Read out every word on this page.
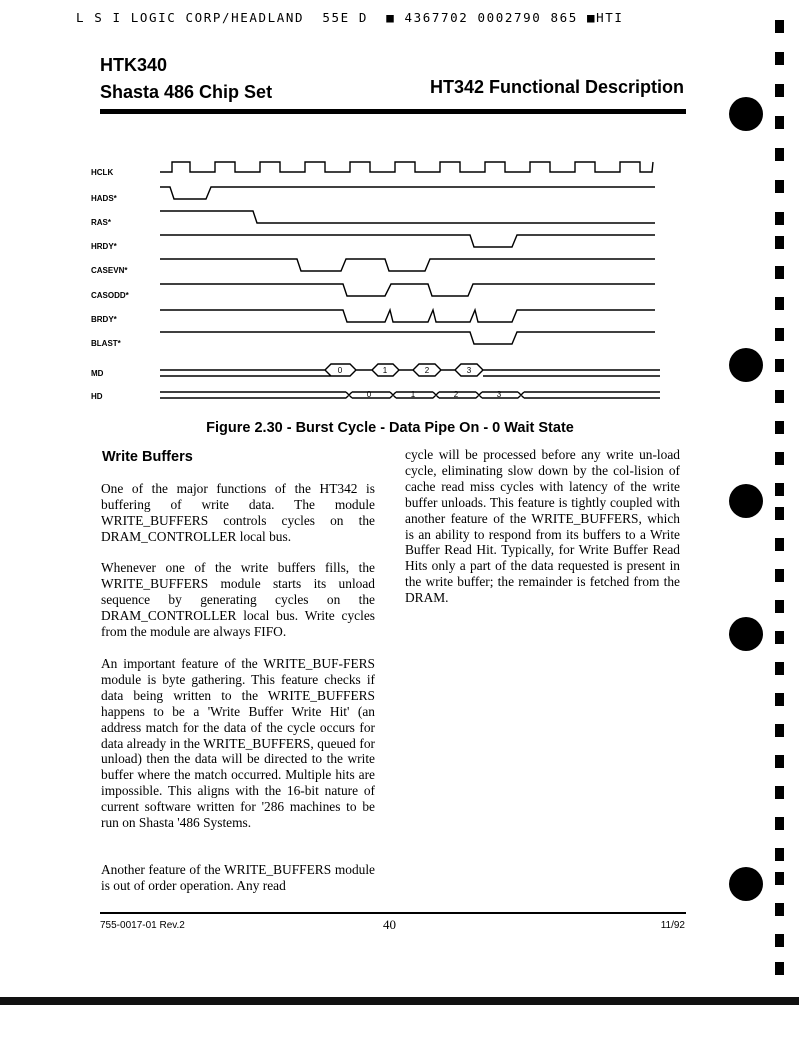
L S I LOGIC CORP/HEADLAND  55E D  ■ 4367702 0002790 865 ■HTI
HTK340
Shasta 486 Chip Set	HT342 Functional Description
HCLK
HADS*
RAS*
HRDY*
CASEVN*
CASODD*
BRDY*
BLAST*
MD
HD
0	1	2	3
0	1	2	3
Figure 2.30 - Burst Cycle - Data Pipe On - 0 Wait State
Write Buffers

One of the major functions of the HT342 is buffering of write data. The module WRITE_BUFFERS controls cycles on the DRAM_CONTROLLER local bus.

Whenever one of the write buffers fills, the WRITE_BUFFERS module starts its unload sequence by generating cycles on the DRAM_CONTROLLER local bus. Write cycles from the module are always FIFO.

An important feature of the WRITE_BUF-FERS module is byte gathering. This feature checks if data being written to the WRITE_BUFFERS happens to be a 'Write Buffer Write Hit' (an address match for the data of the cycle occurs for data already in the WRITE_BUFFERS, queued for unload) then the data will be directed to the write buffer where the match occurred. Multiple hits are impossible. This aligns with the 16-bit nature of current software written for '286 machines to be run on Shasta '486 Systems.

Another feature of the WRITE_BUFFERS module is out of order operation. Any read

cycle will be processed before any write un-load cycle, eliminating slow down by the col-lision of cache read miss cycles with latency of the write buffer unloads. This feature is tightly coupled with another feature of the WRITE_BUFFERS, which is an ability to respond from its buffers to a Write Buffer Read Hit. Typically, for Write Buffer Read Hits only a part of the data requested is present in the write buffer; the remainder is fetched from the DRAM.

755-0017-01 Rev.2	40	11/92
